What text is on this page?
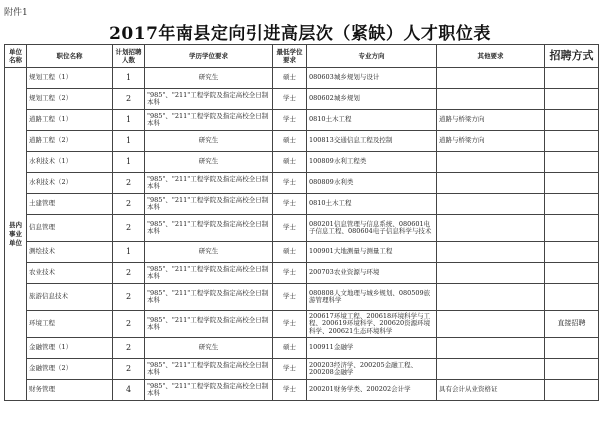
附件1
2017年南县定向引进高层次（紧缺）人才职位表
单位名称	职位名称	计划招聘人数	学历学位要求	最低学位要求	专业方向	其他要求	招聘方式
县内事业单位	规划工程（1）	1	研究生	硕士	080603城乡规划与设计		
	规划工程（2）	2	"985"、"211"工程学院及指定高校全日制本科	学士	080602城乡规划		
	道路工程（1）	1	"985"、"211"工程学院及指定高校全日制本科	学士	0810土木工程	道路与桥梁方向	
	道路工程（2）	1	研究生	硕士	100813交通信息工程及控制	道路与桥梁方向	
	水利技术（1）	1	研究生	硕士	100809水利工程类		
	水利技术（2）	2	"985"、"211"工程学院及指定高校全日制本科	学士	080809水利类		
	土建管理	2	"985"、"211"工程学院及指定高校全日制本科	学士	0810土木工程		
	信息管理	2	"985"、"211"工程学院及指定高校全日制本科	学士	080201信息管理与信息系统、080601电子信息工程、080604电子信息科学与技术		
	测绘技术	1	研究生	硕士	100901大地测量与测量工程		
	农业技术	2	"985"、"211"工程学院及指定高校全日制本科	学士	200703农业资源与环境		
	旅游信息技术	2	"985"、"211"工程学院及指定高校全日制本科	学士	080808人文地理与城乡规划、080509旅游管理科学		
	环境工程	2	"985"、"211"工程学院及指定高校全日制本科	学士	200617环境工程、200618环境科学与工程、200619环境科学、200620资源环境科学、200621生态环境科学		直接招聘
	金融管理（1）	2	研究生	硕士	100911金融学		
	金融管理（2）	2	"985"、"211"工程学院及指定高校全日制本科	学士	200203经济学、200205金融工程、200208金融学		
	财务管理	4	"985"、"211"工程学院及指定高校全日制本科	学士	200201财务学类、200202会计学	具有会计从业资格证	
